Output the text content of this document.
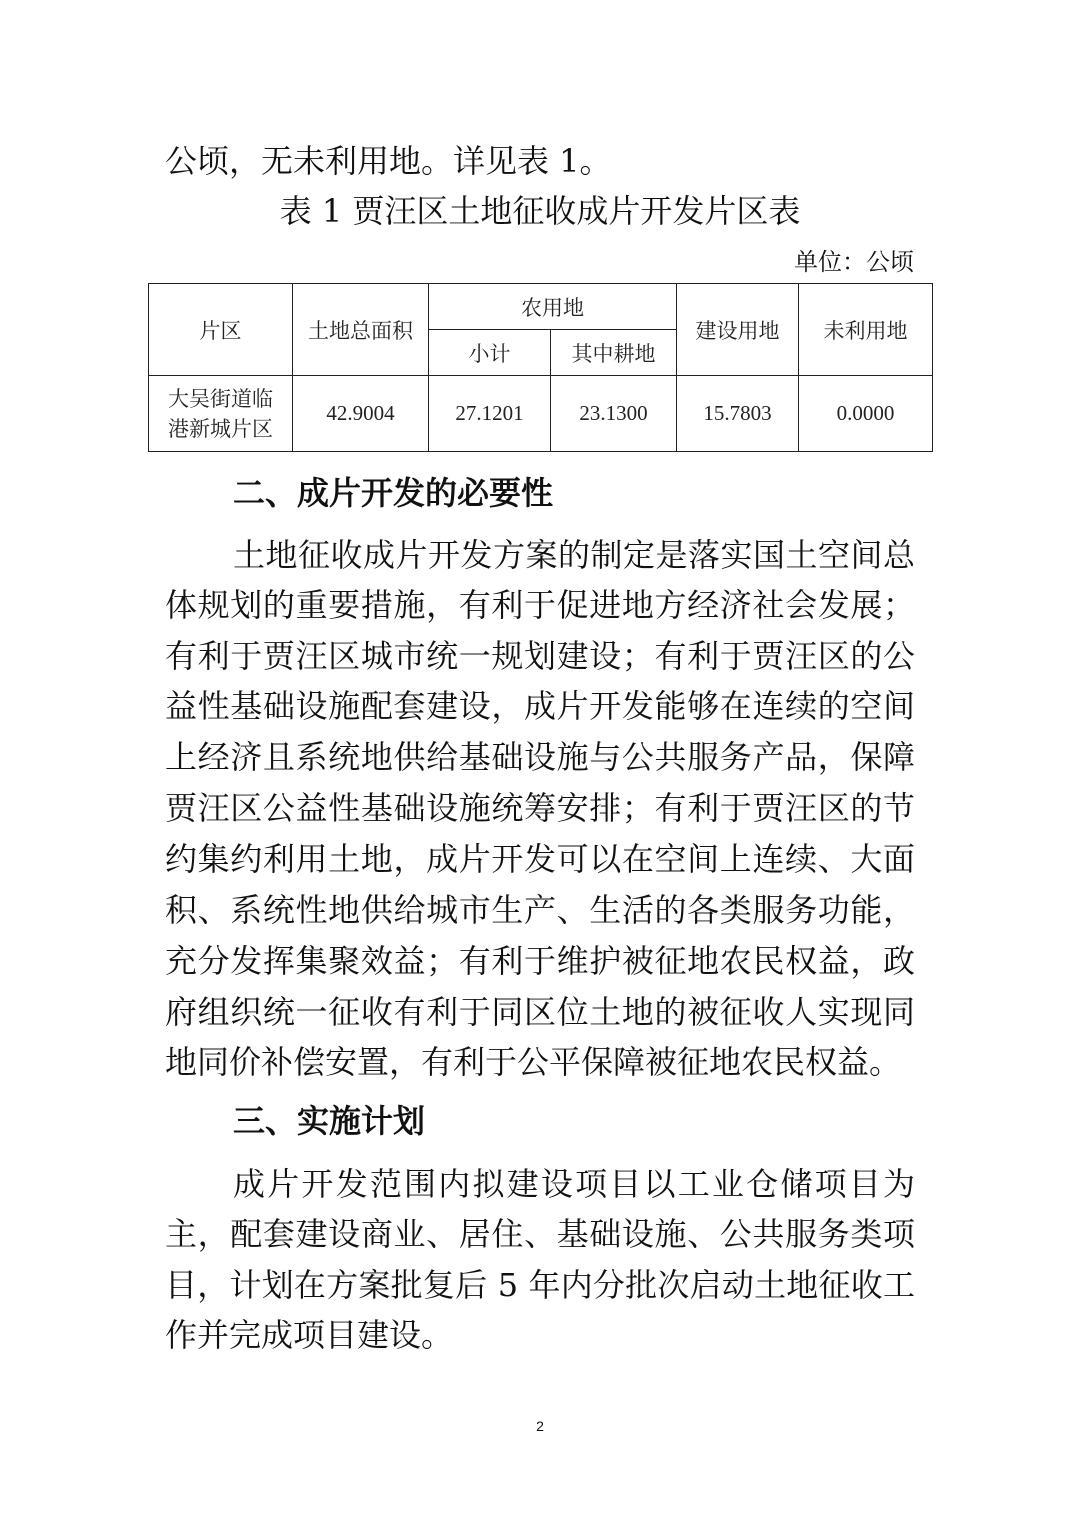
公顷，无未利用地。详见表 1。
表 1 贾汪区土地征收成片开发片区表
单位：公顷
片区	土地总面积	农用地		建设用地	未利用地
		小计	其中耕地		

大吴街道临
港新城片区	42.9004	27.1201	23.1300	15.7803	0.0000
二、成片开发的必要性
土地征收成片开发方案的制定是落实国土空间总
体规划的重要措施，有利于促进地方经济社会发展；
有利于贾汪区城市统一规划建设；有利于贾汪区的公
益性基础设施配套建设，成片开发能够在连续的空间
上经济且系统地供给基础设施与公共服务产品，保障
贾汪区公益性基础设施统筹安排；有利于贾汪区的节
约集约利用土地，成片开发可以在空间上连续、大面
积、系统性地供给城市生产、生活的各类服务功能，
充分发挥集聚效益；有利于维护被征地农民权益，政
府组织统一征收有利于同区位土地的被征收人实现同
地同价补偿安置，有利于公平保障被征地农民权益。
三、实施计划
成片开发范围内拟建设项目以工业仓储项目为
主，配套建设商业、居住、基础设施、公共服务类项
目，计划在方案批复后 5 年内分批次启动土地征收工
作并完成项目建设。
2
